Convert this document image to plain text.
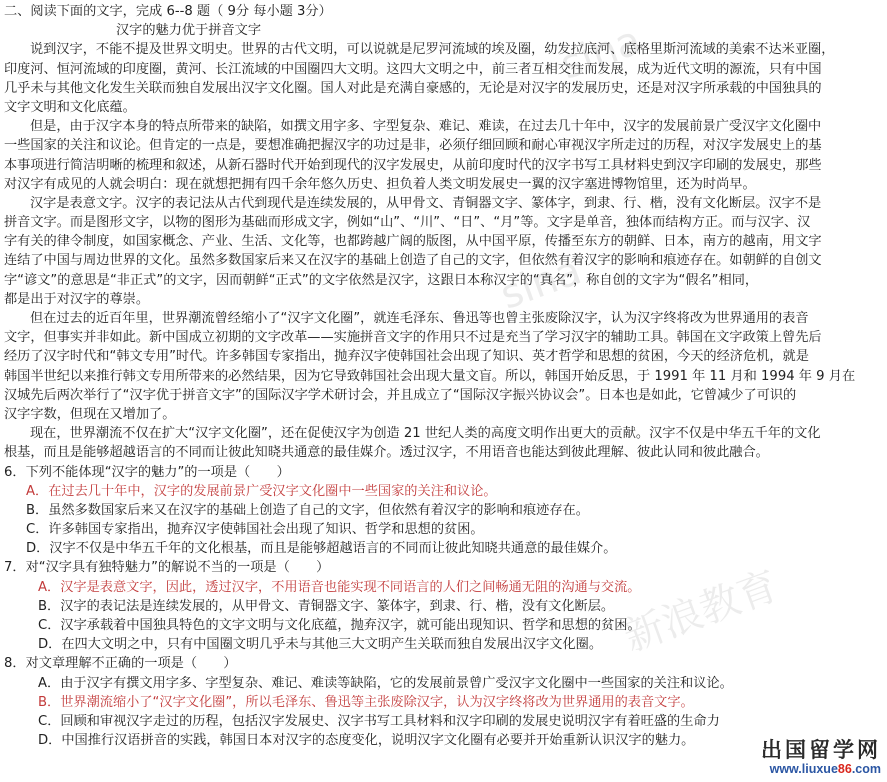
sina
sina
新浪教育
二、阅读下面的文字，完成 6--8 题（ 9分 每小题 3分）
汉字的魅力优于拼音文字
说到汉字，不能不提及世界文明史。世界的古代文明，可以说就是尼罗河流域的埃及圈，幼发拉底河、底格里斯河流域的美索不达米亚圈，
印度河、恒河流域的印度圈，黄河、长江流域的中国圈四大文明。这四大文明之中，前三者互相交往而发展，成为近代文明的源流，只有中国
几乎未与其他文化发生关联而独自发展出汉字文化圈。国人对此是充满自豪感的，无论是对汉字的发展历史，还是对汉字所承载的中国独具的
文字文明和文化底蕴。
但是，由于汉字本身的特点所带来的缺陷，如撰文用字多、字型复杂、难记、难读，在过去几十年中，汉字的发展前景广受汉字文化圈中
一些国家的关注和议论。但肯定的一点是，要想准确把握汉字的功过是非，必须仔细回顾和耐心审视汉字所走过的历程，对汉字发展史上的基
本事项进行简洁明晰的梳理和叙述，从新石器时代开始到现代的汉字发展史，从前印度时代的汉字书写工具材料史到汉字印刷的发展史，那些
对汉字有成见的人就会明白：现在就想把拥有四千余年悠久历史、担负着人类文明发展史一翼的汉字塞进博物馆里，还为时尚早。
汉字是表意文字。汉字的表记法从古代到现代是连续发展的，从甲骨文、青铜器文字、篆体字，到隶、行、楷，没有文化断层。汉字不是
拼音文字。而是图形文字，以物的图形为基础而形成文字，例如“山”、“川”、“日”、“月”等。文字是单音，独体而结构方正。而与汉字、汉
字有关的律令制度，如国家概念、产业、生活、文化等，也都跨越广阔的版图，从中国平原，传播至东方的朝鲜、日本，南方的越南，用文字
连结了中国与周边世界的文化。虽然多数国家后来又在汉字的基础上创造了自己的文字，但依然有着汉字的影响和痕迹存在。如朝鲜的自创文
字“谚文”的意思是“非正式”的文字，因而朝鲜“正式”的文字依然是汉字，这跟日本称汉字的“真名”，称自创的文字为“假名”相同，
都是出于对汉字的尊崇。
但在过去的近百年里，世界潮流曾经缩小了“汉字文化圈”，就连毛泽东、鲁迅等也曾主张废除汉字，认为汉字终将改为世界通用的表音
文字，但事实并非如此。新中国成立初期的文字改革——实施拼音文字的作用只不过是充当了学习汉字的辅助工具。韩国在文字政策上曾先后
经历了汉字时代和“韩文专用”时代。许多韩国专家指出，抛弃汉字使韩国社会出现了知识、英才哲学和思想的贫困，今天的经济危机，就是
韩国半世纪以来推行韩文专用所带来的必然结果，因为它导致韩国社会出现大量文盲。所以，韩国开始反思，于 1991 年 11 月和 1994 年 9 月在
汉城先后两次举行了“汉字优于拼音文字”的国际汉字学术研讨会，并且成立了“国际汉字振兴协议会”。日本也是如此，它曾减少了可识的
汉字字数，但现在又增加了。
现在，世界潮流不仅在扩大“汉字文化圈”，还在促使汉字为创造 21 世纪人类的高度文明作出更大的贡献。汉字不仅是中华五千年的文化
根基，而且是能够超越语言的不同而让彼此知晓共通意的最佳媒介。透过汉字，不用语音也能达到彼此理解、彼此认同和彼此融合。
6．下列不能体现“汉字的魅力”的一项是（　　）
A．在过去几十年中，汉字的发展前景广受汉字文化圈中一些国家的关注和议论。
B．虽然多数国家后来又在汉字的基础上创造了自己的文字，但依然有着汉字的影响和痕迹存在。
C．许多韩国专家指出，抛弃汉字使韩国社会出现了知识、哲学和思想的贫困。
D．汉字不仅是中华五千年的文化根基，而且是能够超越语言的不同而让彼此知晓共通意的最佳媒介。
7．对“汉字具有独特魅力”的解说不当的一项是（　　）
A．汉字是表意文字，因此，透过汉字，不用语音也能实现不同语言的人们之间畅通无阻的沟通与交流。
B．汉字的表记法是连续发展的，从甲骨文、青铜器文字、篆体字，到隶、行、楷，没有文化断层。
C．汉字承载着中国独具特色的文字文明与文化底蕴，抛弃汉字，就可能出现知识、哲学和思想的贫困。
D．在四大文明之中，只有中国圈文明几乎未与其他三大文明产生关联而独自发展出汉字文化圈。
8．对文章理解不正确的一项是（　　）
A．由于汉字有撰文用字多、字型复杂、难记、难读等缺陷，它的发展前景曾广受汉字文化圈中一些国家的关注和议论。
B．世界潮流缩小了“汉字文化圈”，所以毛泽东、鲁迅等主张废除汉字，认为汉字终将改为世界通用的表音文字。
C．回顾和审视汉字走过的历程，包括汉字发展史、汉字书写工具材料和汉字印刷的发展史说明汉字有着旺盛的生命力
D．中国推行汉语拼音的实践，韩国日本对汉字的态度变化，说明汉字文化圈有必要并开始重新认识汉字的魅力。	出国留学网
www.liuxue86.com
